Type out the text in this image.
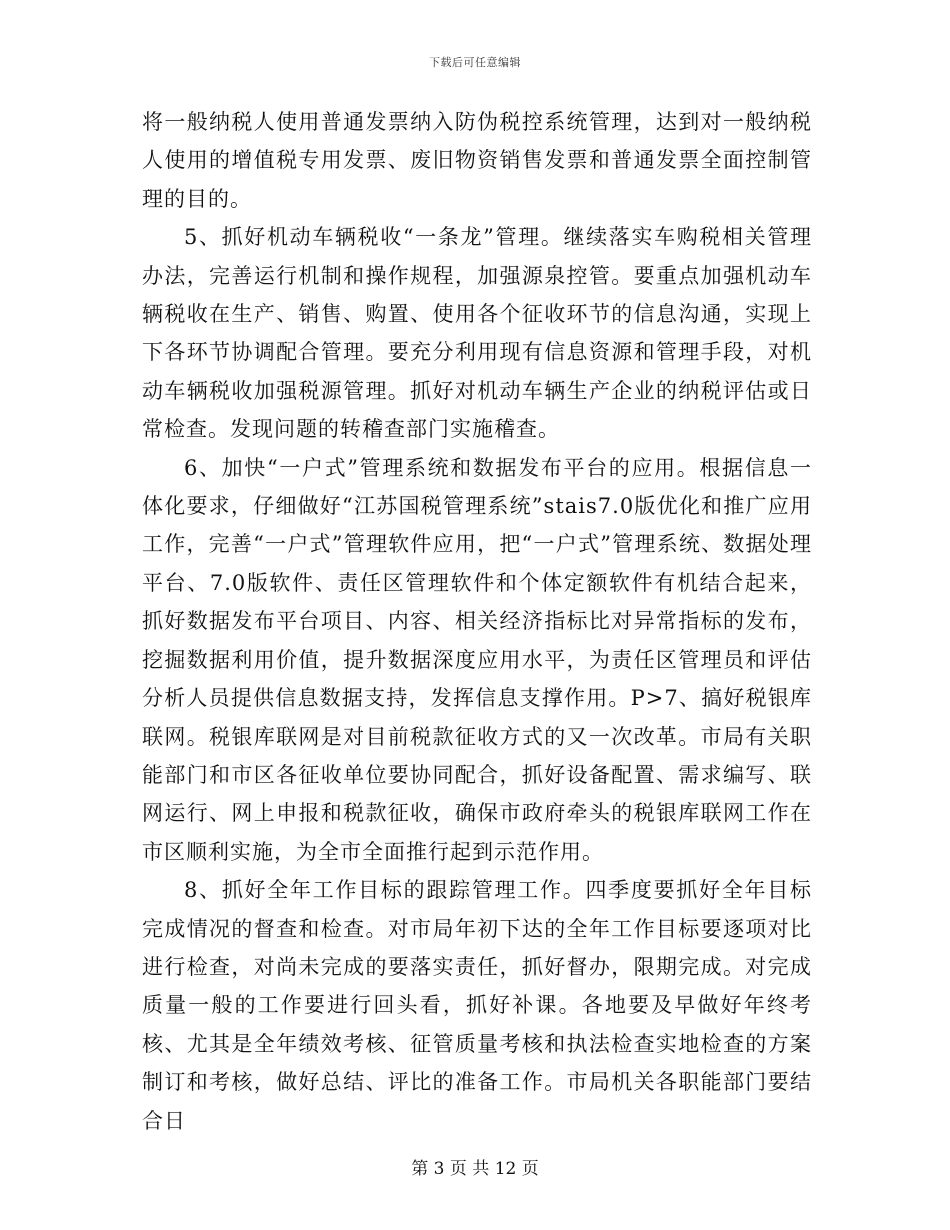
下载后可任意编辑

将一般纳税人使用普通发票纳入防伪税控系统管理，达到对一般纳税人使用的增值税专用发票、废旧物资销售发票和普通发票全面控制管理的目的。

5、抓好机动车辆税收“一条龙”管理。继续落实车购税相关管理办法，完善运行机制和操作规程，加强源泉控管。要重点加强机动车辆税收在生产、销售、购置、使用各个征收环节的信息沟通，实现上下各环节协调配合管理。要充分利用现有信息资源和管理手段，对机动车辆税收加强税源管理。抓好对机动车辆生产企业的纳税评估或日常检查。发现问题的转稽查部门实施稽查。

6、加快“一户式”管理系统和数据发布平台的应用。根据信息一体化要求，仔细做好“江苏国税管理系统”stais7.0版优化和推广应用工作，完善“一户式”管理软件应用，把“一户式”管理系统、数据处理平台、7.0版软件、责任区管理软件和个体定额软件有机结合起来，抓好数据发布平台项目、内容、相关经济指标比对异常指标的发布，挖掘数据利用价值，提升数据深度应用水平，为责任区管理员和评估分析人员提供信息数据支持，发挥信息支撑作用。P>7、搞好税银库联网。税银库联网是对目前税款征收方式的又一次改革。市局有关职能部门和市区各征收单位要协同配合，抓好设备配置、需求编写、联网运行、网上申报和税款征收，确保市政府牵头的税银库联网工作在市区顺利实施，为全市全面推行起到示范作用。

8、抓好全年工作目标的跟踪管理工作。四季度要抓好全年目标完成情况的督查和检查。对市局年初下达的全年工作目标要逐项对比进行检查，对尚未完成的要落实责任，抓好督办，限期完成。对完成质量一般的工作要进行回头看，抓好补课。各地要及早做好年终考核、尤其是全年绩效考核、征管质量考核和执法检查实地检查的方案制订和考核，做好总结、评比的准备工作。市局机关各职能部门要结合日

第 3 页 共 12 页
